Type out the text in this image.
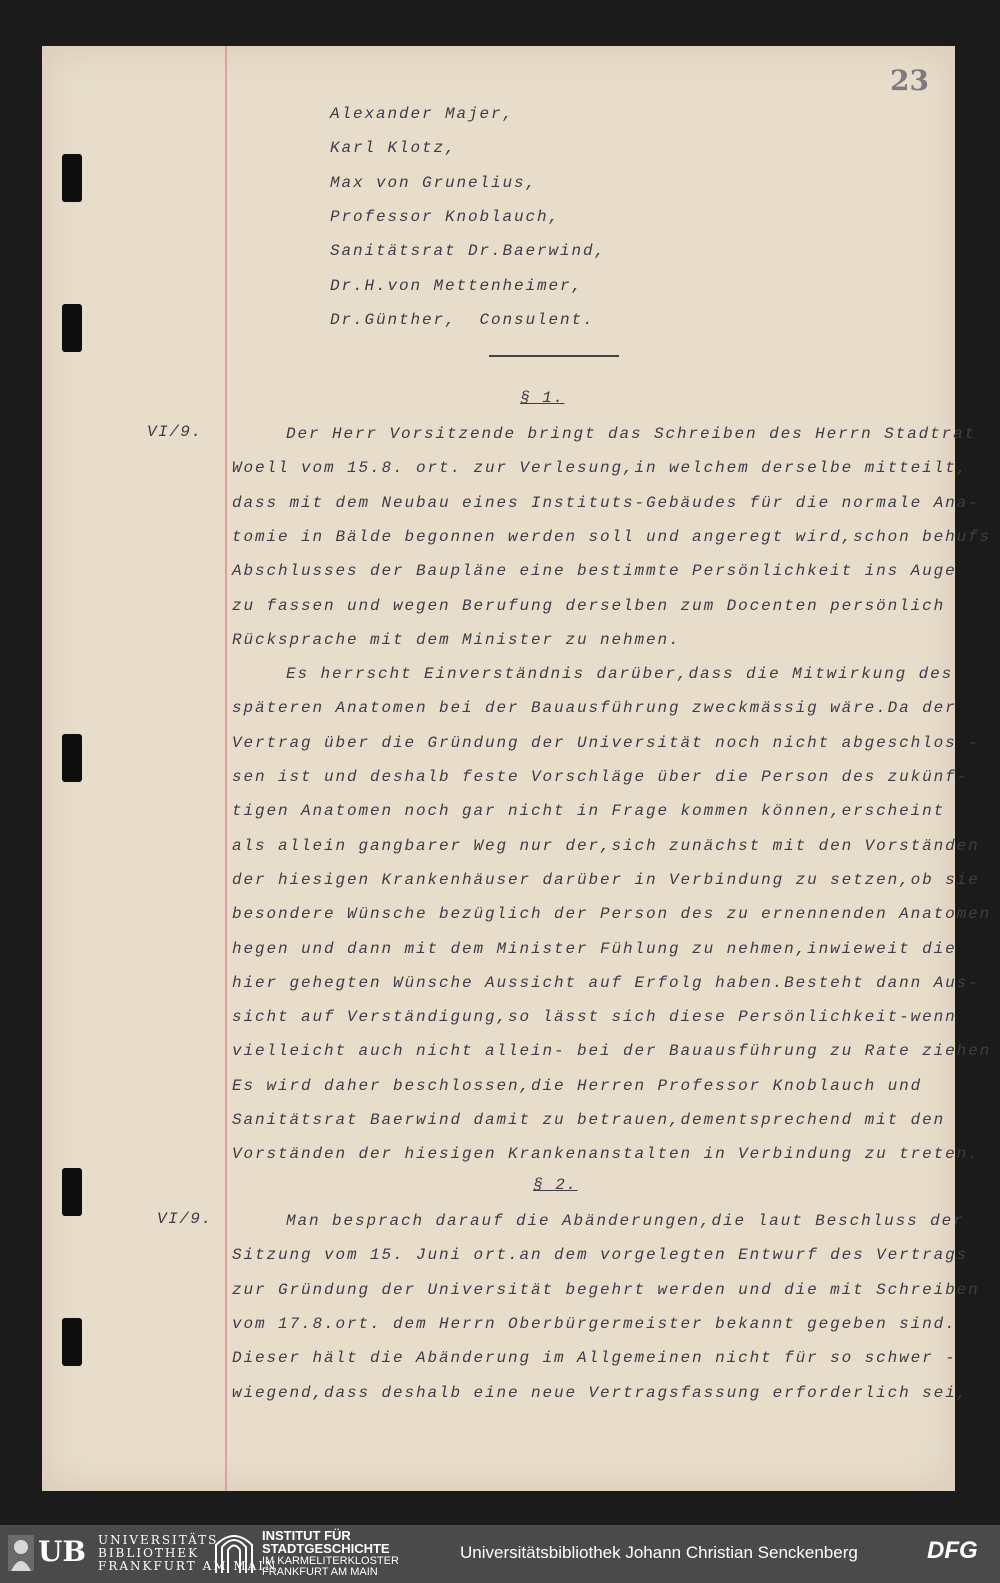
23
Alexander Majer,
Karl Klotz,
Max von Grunelius,
Professor Knoblauch,
Sanitätsrat Dr.Baerwind,
Dr.H.von Mettenheimer,
Dr.Günther,  Consulent.
§ 1.
VI/9.	Der Herr Vorsitzende bringt das Schreiben des Herrn Stadtrat
Woell vom 15.8. ort. zur Verlesung,in welchem derselbe mitteilt,
dass mit dem Neubau eines Instituts-Gebäudes für die normale Ana-
tomie in Bälde begonnen werden soll und angeregt wird,schon behufs
Abschlusses der Baupläne eine bestimmte Persönlichkeit ins Auge
zu fassen und wegen Berufung derselben zum Docenten persönlich
Rücksprache mit dem Minister zu nehmen.
Es herrscht Einverständnis darüber,dass die Mitwirkung des
späteren Anatomen bei der Bauausführung zweckmässig wäre.Da der
Vertrag über die Gründung der Universität noch nicht abgeschlos -
sen ist und deshalb feste Vorschläge über die Person des zukünf-
tigen Anatomen noch gar nicht in Frage kommen können,erscheint
als allein gangbarer Weg nur der,sich zunächst mit den Vorständen
der hiesigen Krankenhäuser darüber in Verbindung zu setzen,ob sie
besondere Wünsche bezüglich der Person des zu ernennenden Anatomen
hegen und dann mit dem Minister Fühlung zu nehmen,inwieweit die
hier gehegten Wünsche Aussicht auf Erfolg haben.Besteht dann Aus-
sicht auf Verständigung,so lässt sich diese Persönlichkeit-wenn
vielleicht auch nicht allein- bei der Bauausführung zu Rate ziehen
Es wird daher beschlossen,die Herren Professor Knoblauch und
Sanitätsrat Baerwind damit zu betrauen,dementsprechend mit den
Vorständen der hiesigen Krankenanstalten in Verbindung zu treten.
§ 2.
VI/9.	Man besprach darauf die Abänderungen,die laut Beschluss der
Sitzung vom 15. Juni ort.an dem vorgelegten Entwurf des Vertrags
zur Gründung der Universität begehrt werden und die mit Schreiben
vom 17.8.ort. dem Herrn Oberbürgermeister bekannt gegeben sind.
Dieser hält die Abänderung im Allgemeinen nicht für so schwer -
wiegend,dass deshalb eine neue Vertragsfassung erforderlich sei,
UB UNIVERSITÄTS
BIBLIOTHEK
FRANKFURT AM MAIN
INSTITUT FÜR
STADTGESCHICHTE
IM KARMELITERKLOSTER
FRANKFURT AM MAIN
Universitätsbibliothek Johann Christian Senckenberg	DFG
